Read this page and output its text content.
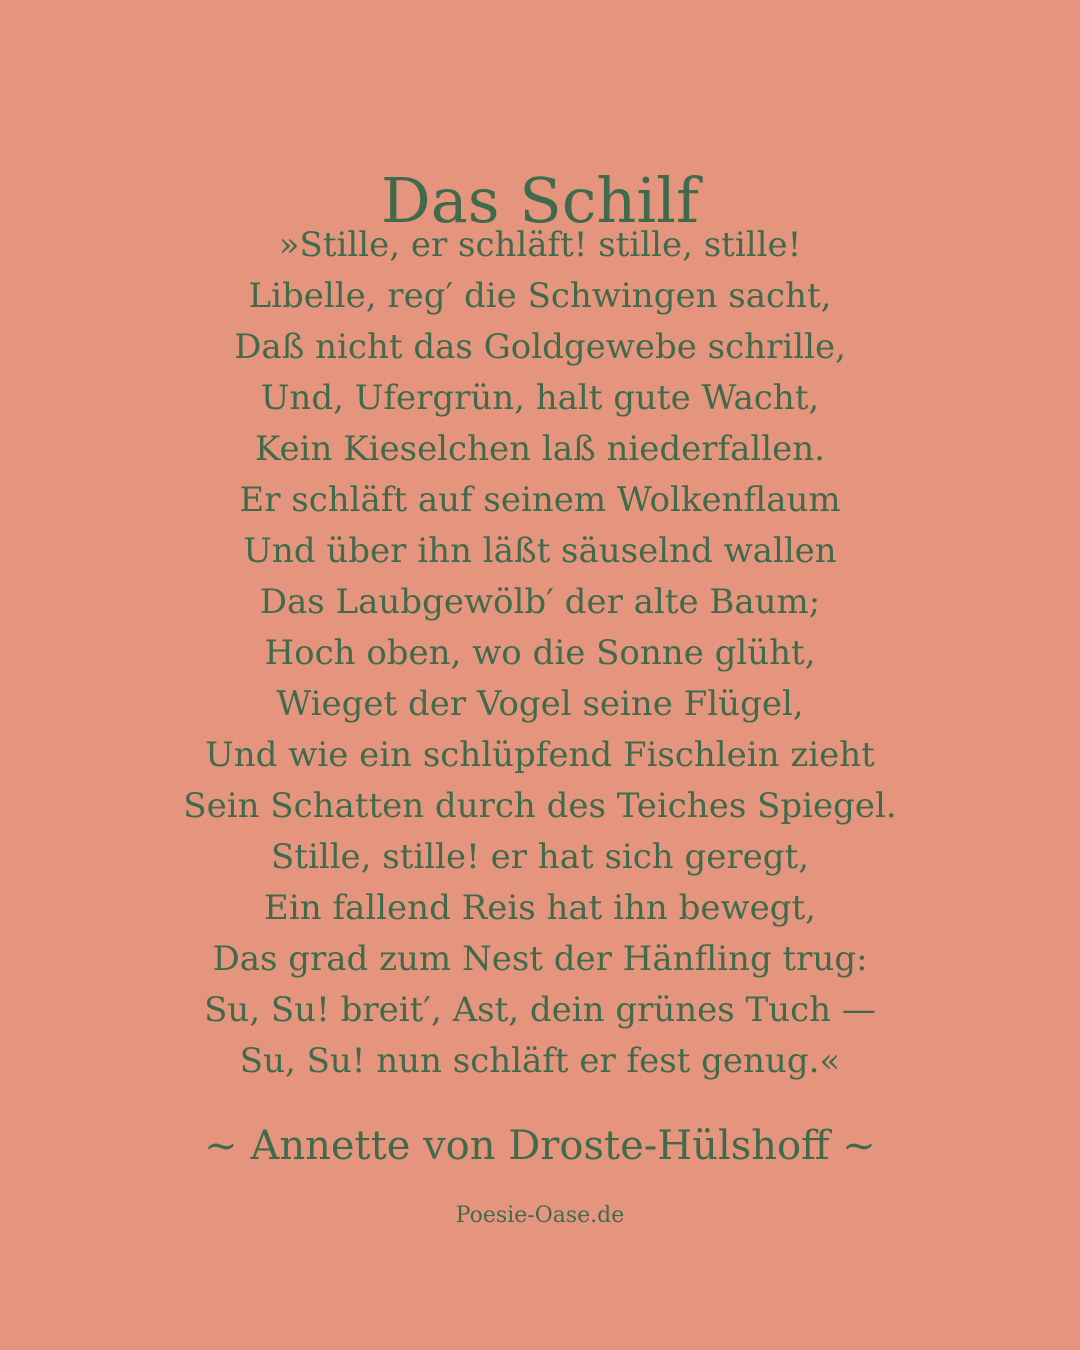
Das Schilf
»Stille, er schläft! stille, stille!
Libelle, reg′ die Schwingen sacht,
Daß nicht das Goldgewebe schrille,
Und, Ufergrün, halt gute Wacht,
Kein Kieselchen laß niederfallen.
Er schläft auf seinem Wolkenflaum
Und über ihn läßt säuselnd wallen
Das Laubgewölb′ der alte Baum;
Hoch oben, wo die Sonne glüht,
Wieget der Vogel seine Flügel,
Und wie ein schlüpfend Fischlein zieht
Sein Schatten durch des Teiches Spiegel.
Stille, stille! er hat sich geregt,
Ein fallend Reis hat ihn bewegt,
Das grad zum Nest der Hänfling trug:
Su, Su! breit′, Ast, dein grünes Tuch —
Su, Su! nun schläft er fest genug.«
~ Annette von Droste-Hülshoff ~
Poesie-Oase.de
